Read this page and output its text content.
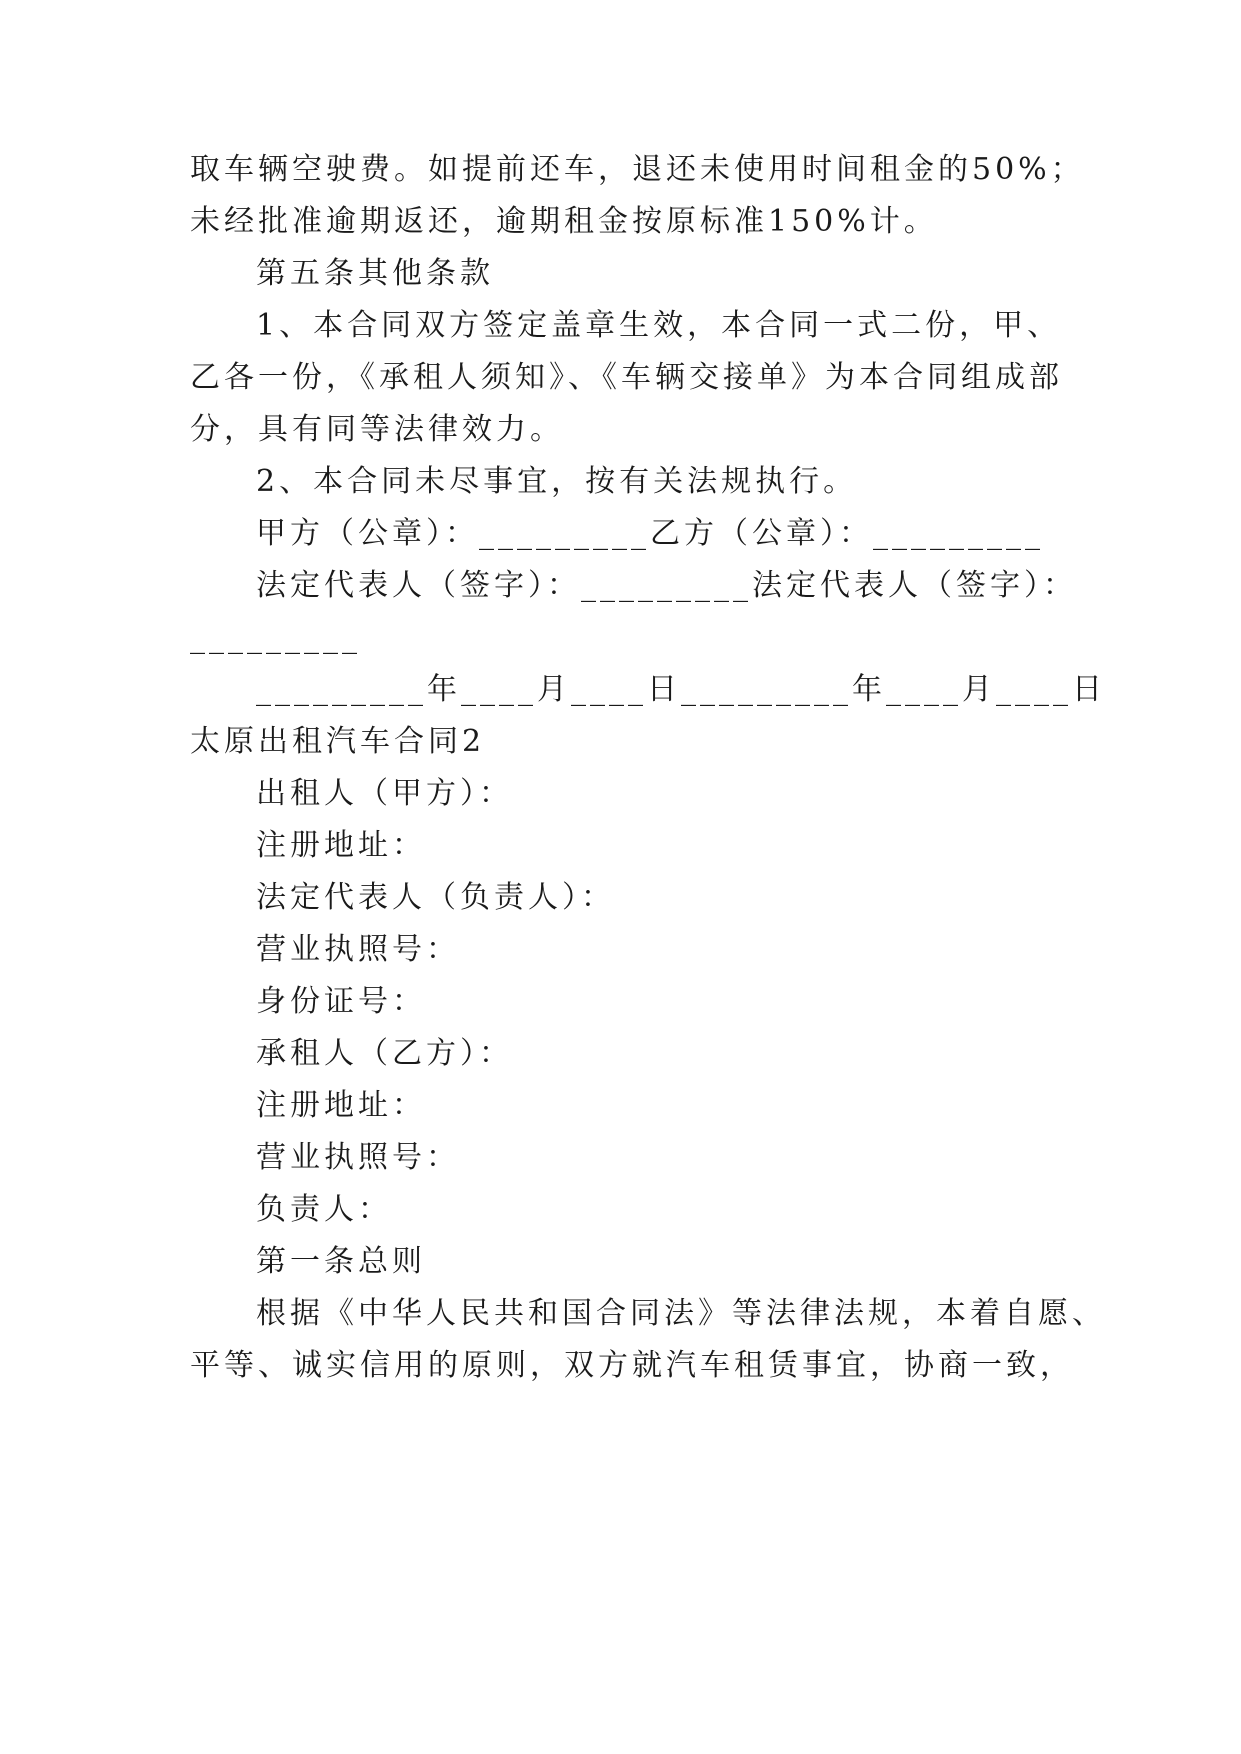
取车辆空驶费。如提前还车，退还未使用时间租金的50%；
未经批准逾期返还，逾期租金按原标准150%计。
第五条其他条款
1、本合同双方签定盖章生效，本合同一式二份，甲、
乙各一份，《承租人须知》、《车辆交接单》为本合同组成部
分，具有同等法律效力。
2、本合同未尽事宜，按有关法规执行。
甲方（公章）：_________乙方（公章）：_________
法定代表人（签字）：_________法定代表人（签字）：
_________
_________年____月____日_________年____月____日
太原出租汽车合同2
出租人（甲方）：
注册地址：
法定代表人（负责人）：
营业执照号：
身份证号：
承租人（乙方）：
注册地址：
营业执照号：
负责人：
第一条总则
根据《中华人民共和国合同法》等法律法规，本着自愿、
平等、诚实信用的原则，双方就汽车租赁事宜，协商一致，
